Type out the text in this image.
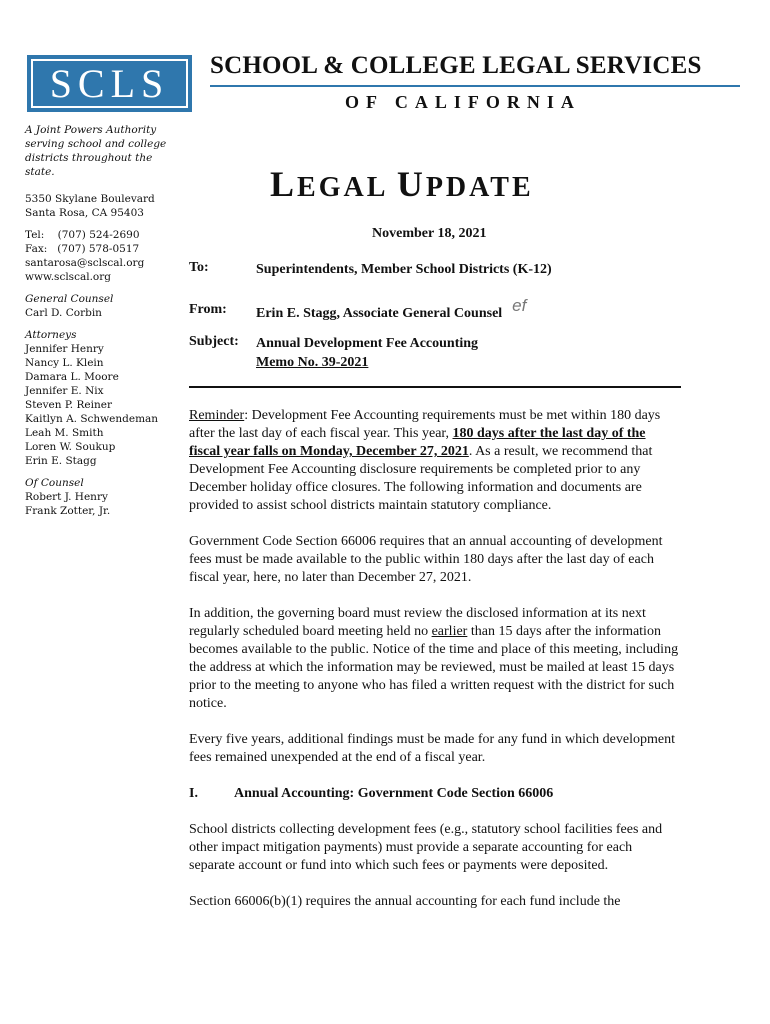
SCLS SCHOOL & COLLEGE LEGAL SERVICES
OF CALIFORNIA
A Joint Powers Authority serving school and college districts throughout the state.
5350 Skylane Boulevard
Santa Rosa, CA 95403
Tel:    (707) 524-2690
Fax:   (707) 578-0517
santarosa@sclscal.org
www.sclscal.org
General Counsel
Carl D. Corbin
Attorneys
Jennifer Henry
Nancy L. Klein
Damara L. Moore
Jennifer E. Nix
Steven P. Reiner
Kaitlyn A. Schwendeman
Leah M. Smith
Loren W. Soukup
Erin E. Stagg
Of Counsel
Robert J. Henry
Frank Zotter, Jr.
LEGAL UPDATE
November 18, 2021
To:	Superintendents, Member School Districts (K-12)
From:	Erin E. Stagg, Associate General Counsel ef
Subject:	Annual Development Fee Accounting
Memo No. 39-2021

Reminder: Development Fee Accounting requirements must be met within 180 days after the last day of each fiscal year. This year, 180 days after the last day of the fiscal year falls on Monday, December 27, 2021. As a result, we recommend that Development Fee Accounting disclosure requirements be completed prior to any December holiday office closures. The following information and documents are provided to assist school districts maintain statutory compliance.

Government Code Section 66006 requires that an annual accounting of development fees must be made available to the public within 180 days after the last day of each fiscal year, here, no later than December 27, 2021.

In addition, the governing board must review the disclosed information at its next regularly scheduled board meeting held no earlier than 15 days after the information becomes available to the public. Notice of the time and place of this meeting, including the address at which the information may be reviewed, must be mailed at least 15 days prior to the meeting to anyone who has filed a written request with the district for such notice.

Every five years, additional findings must be made for any fund in which development fees remained unexpended at the end of a fiscal year.

I.	Annual Accounting: Government Code Section 66006

School districts collecting development fees (e.g., statutory school facilities fees and other impact mitigation payments) must provide a separate accounting for each separate account or fund into which such fees or payments were deposited.

Section 66006(b)(1) requires the annual accounting for each fund include the
